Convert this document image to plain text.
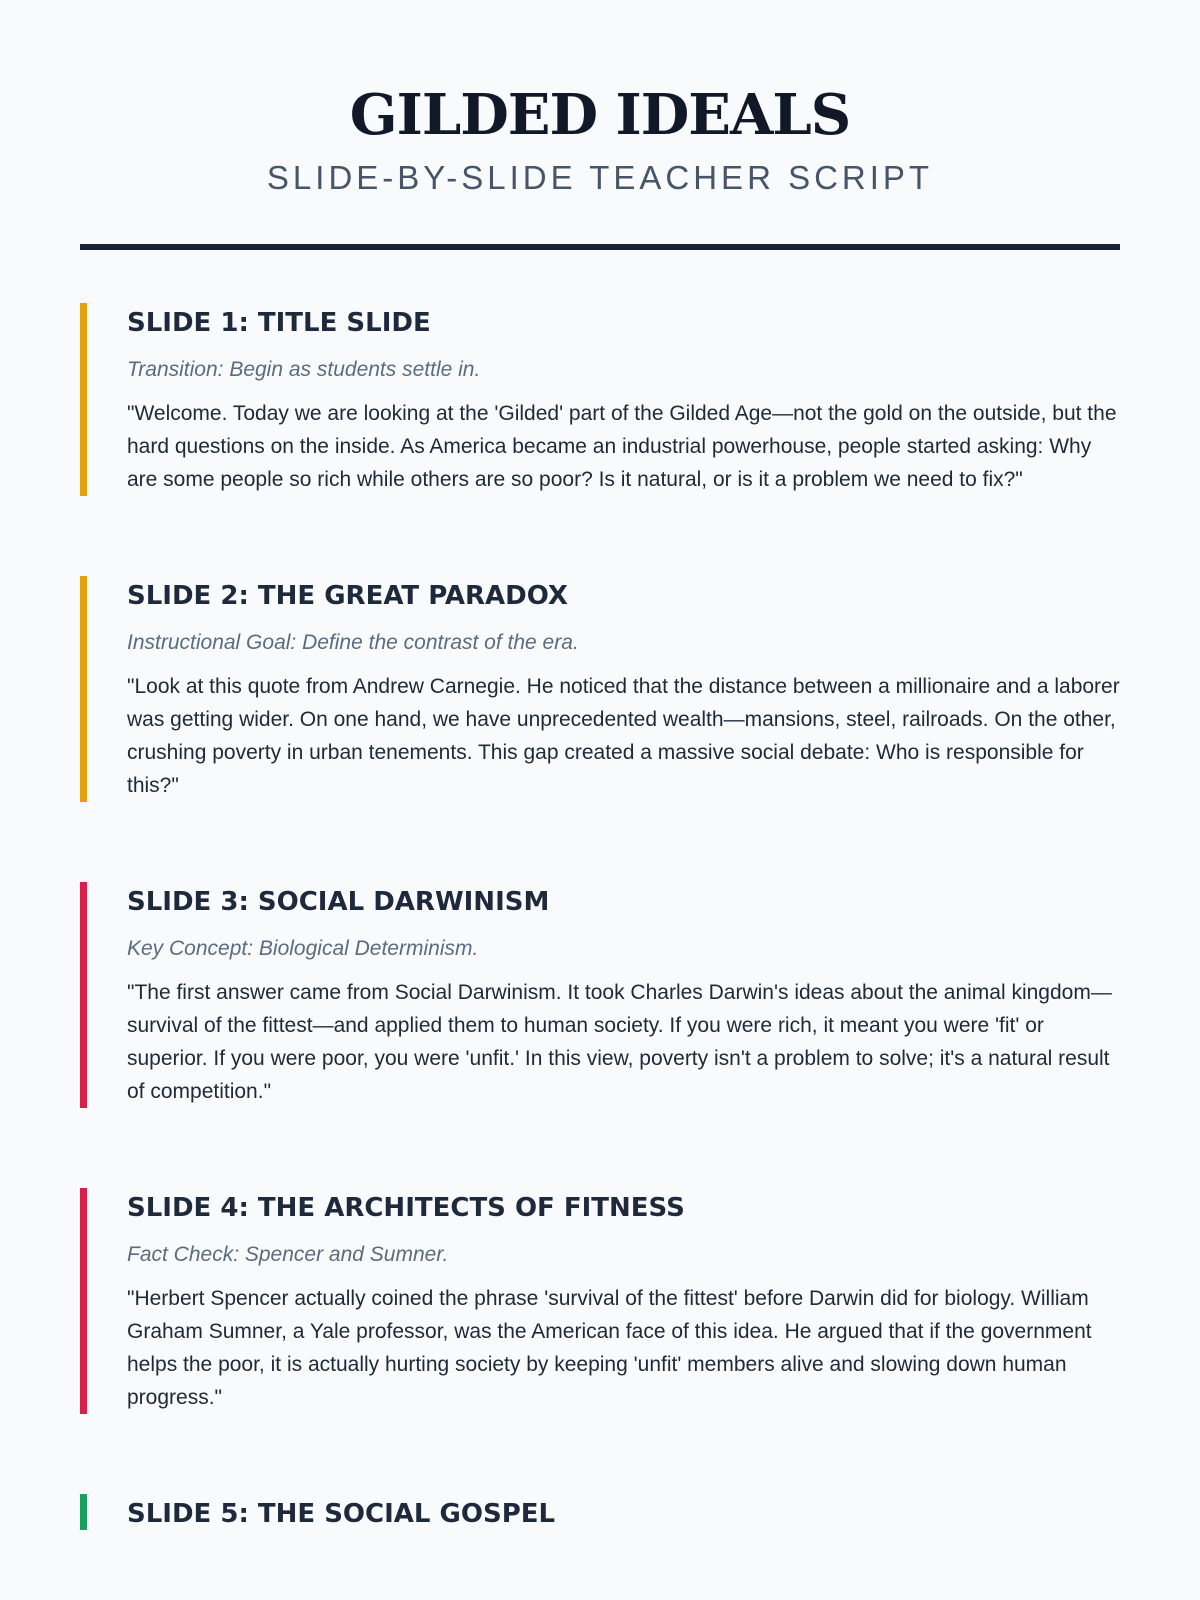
GILDED IDEALS

SLIDE-BY-SLIDE TEACHER SCRIPT

SLIDE 1: TITLE SLIDE

Transition: Begin as students settle in.

"Welcome. Today we are looking at the 'Gilded' part of the Gilded Age—not the gold on the outside, but the hard questions on the inside. As America became an industrial powerhouse, people started asking: Why are some people so rich while others are so poor? Is it natural, or is it a problem we need to fix?"

SLIDE 2: THE GREAT PARADOX

Instructional Goal: Define the contrast of the era.

"Look at this quote from Andrew Carnegie. He noticed that the distance between a millionaire and a laborer was getting wider. On one hand, we have unprecedented wealth—mansions, steel, railroads. On the other, crushing poverty in urban tenements. This gap created a massive social debate: Who is responsible for this?"

SLIDE 3: SOCIAL DARWINISM

Key Concept: Biological Determinism.

"The first answer came from Social Darwinism. It took Charles Darwin's ideas about the animal kingdom—survival of the fittest—and applied them to human society. If you were rich, it meant you were 'fit' or superior. If you were poor, you were 'unfit.' In this view, poverty isn't a problem to solve; it's a natural result of competition."

SLIDE 4: THE ARCHITECTS OF FITNESS

Fact Check: Spencer and Sumner.

"Herbert Spencer actually coined the phrase 'survival of the fittest' before Darwin did for biology. William Graham Sumner, a Yale professor, was the American face of this idea. He argued that if the government helps the poor, it is actually hurting society by keeping 'unfit' members alive and slowing down human progress."

SLIDE 5: THE SOCIAL GOSPEL
